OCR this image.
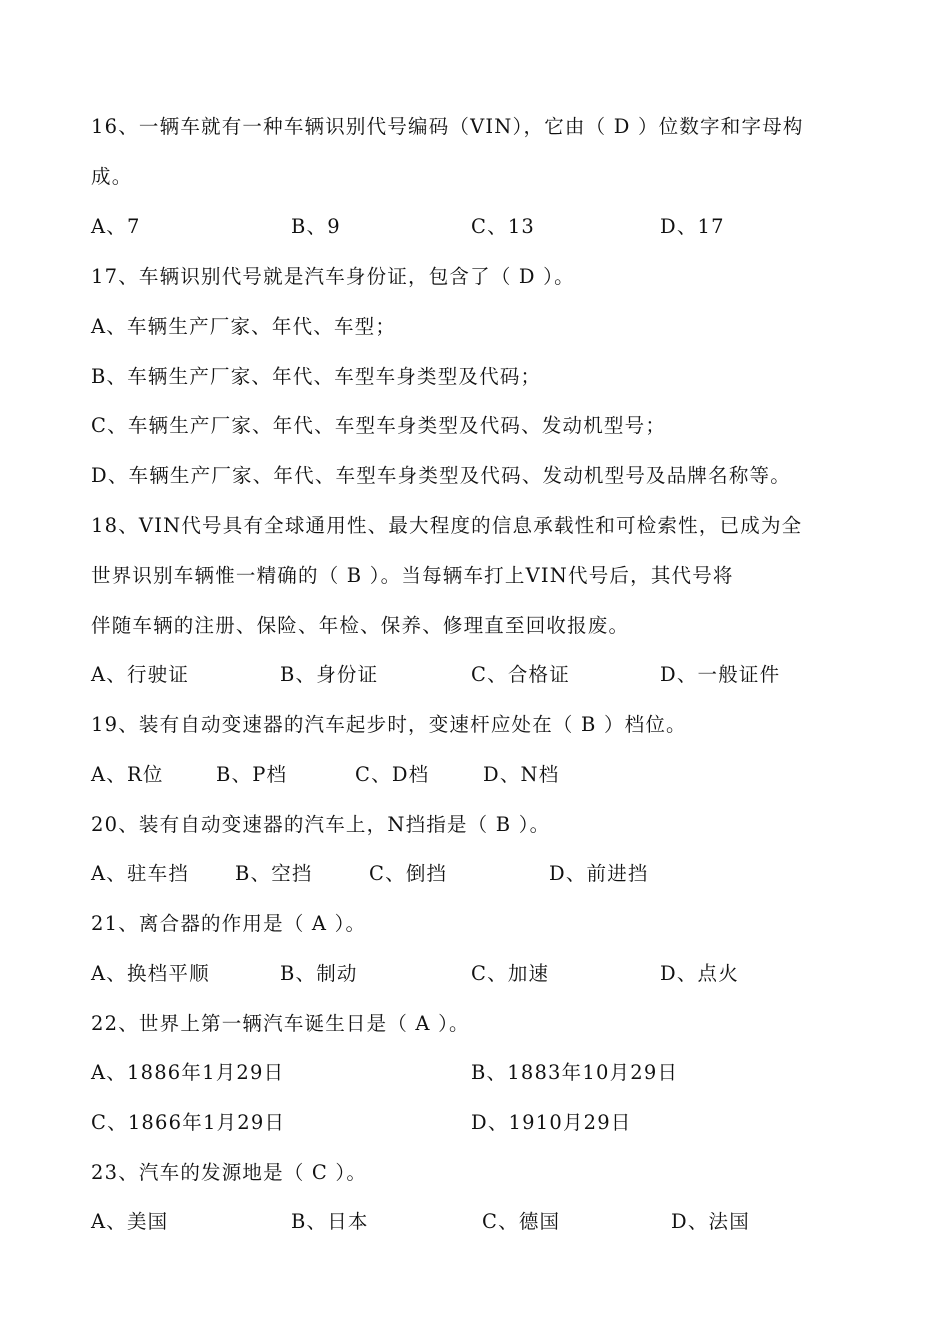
16、一辆车就有一种车辆识别代号编码（VIN），它由（ D ）位数字和字母构
成。
A、7	B、9	C、13	D、17
17、车辆识别代号就是汽车身份证，包含了（ D ）。
A、车辆生产厂家、年代、车型；
B、车辆生产厂家、年代、车型车身类型及代码；
C、车辆生产厂家、年代、车型车身类型及代码、发动机型号；
D、车辆生产厂家、年代、车型车身类型及代码、发动机型号及品牌名称等。
18、VIN代号具有全球通用性、最大程度的信息承载性和可检索性，已成为全
世界识别车辆惟一精确的（ B ）。当每辆车打上VIN代号后，其代号将
伴随车辆的注册、保险、年检、保养、修理直至回收报废。
A、行驶证	B、身份证	C、合格证	D、一般证件
19、装有自动变速器的汽车起步时，变速杆应处在（ B ）档位。
A、R位	B、P档	C、D档	D、N档
20、装有自动变速器的汽车上，N挡指是（ B ）。
A、驻车挡 B、空挡	C、倒挡	D、前进挡
21、离合器的作用是（ A ）。
A、换档平顺	B、制动	C、加速	D、点火
22、世界上第一辆汽车诞生日是（ A ）。
A、1886年1月29日	B、1883年10月29日
C、1866年1月29日	D、1910月29日
23、汽车的发源地是（ C ）。
A、美国	B、日本	C、德国	D、法国
